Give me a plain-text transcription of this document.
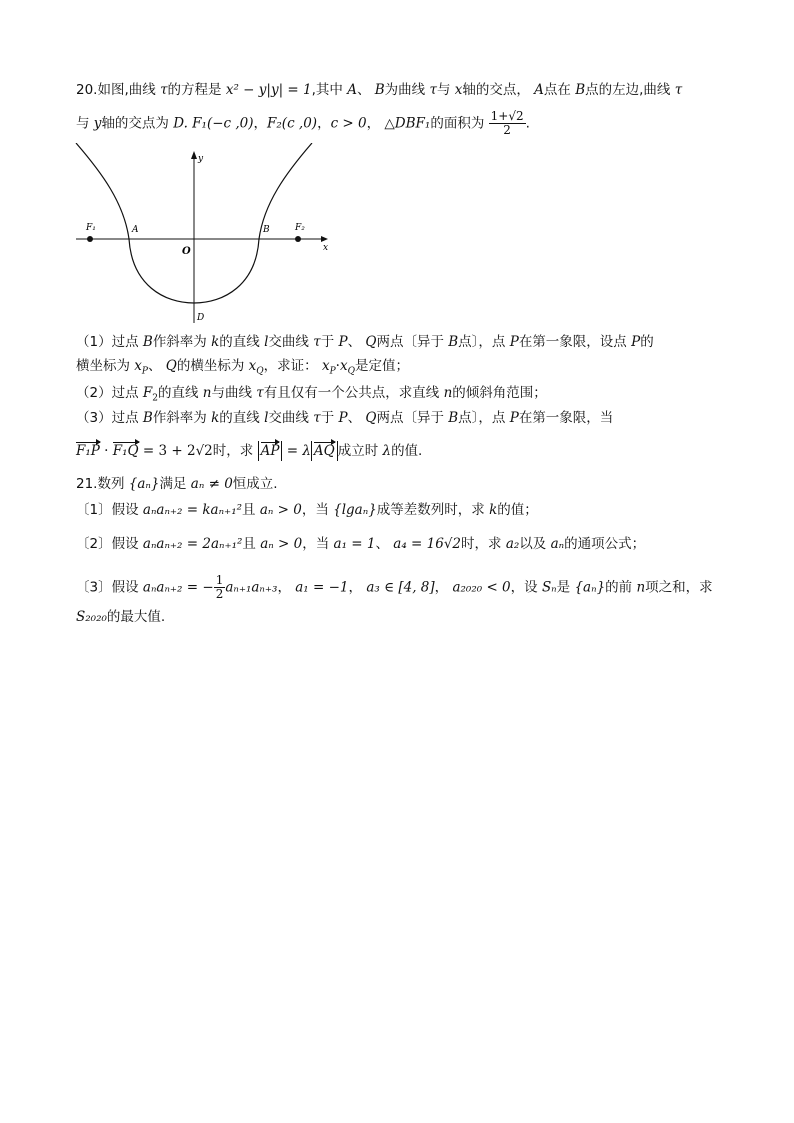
20.如图,曲线 τ的方程是 x² − y|y| = 1,其中 A、 B为曲线 τ与 x轴的交点， A点在 B点的左边,曲线 τ
与 y轴的交点为 D. F₁(−c ,0)，F₂(c ,0)，c > 0， △DBF₁的面积为 $\frac{1+√2}{2}$ .
F₁	A
O
B	F₂
x
y
D
（1）过点 B作斜率为 k的直线 l交曲线 τ于 P、 Q两点〔异于 B点〕，点 P在第一象限，设点 P的
横坐标为 $x_P$、 Q的横坐标为 $x_Q$，求证： $x_P\cdot x_Q$是定值；
（2）过点 $F_2$的直线 n与曲线 τ有且仅有一个公共点，求直线 n的倾斜角范围；
（3）过点 B作斜率为 k的直线 l交曲线 τ于 P、 Q两点〔异于 B点〕，点 P在第一象限，当
F₁P · F₁Q = 3 + 2√2时，求 AP = λ AQ 成立时 λ的值.
21.数列 {aₙ}满足 aₙ ≠ 0恒成立.
〔1〕假设 aₙaₙ₊₂ = kaₙ₊₁²且 aₙ > 0，当 {lgaₙ}成等差数列时，求 k的值；
〔2〕假设 aₙaₙ₊₂ = 2aₙ₊₁²且 aₙ > 0，当 a₁ = 1、 a₄ = 16√2时，求 a₂以及 aₙ的通项公式；
〔3〕假设 aₙaₙ₊₂ = − $\frac{1}{2} a_{n+1}a_{n+3}$， a₁ = −1， a₃ ∈ [4, 8]， a₂₀₂₀ < 0，设 Sₙ是 {aₙ}的前 n项之和，求
S₂₀₂₀的最大值.
